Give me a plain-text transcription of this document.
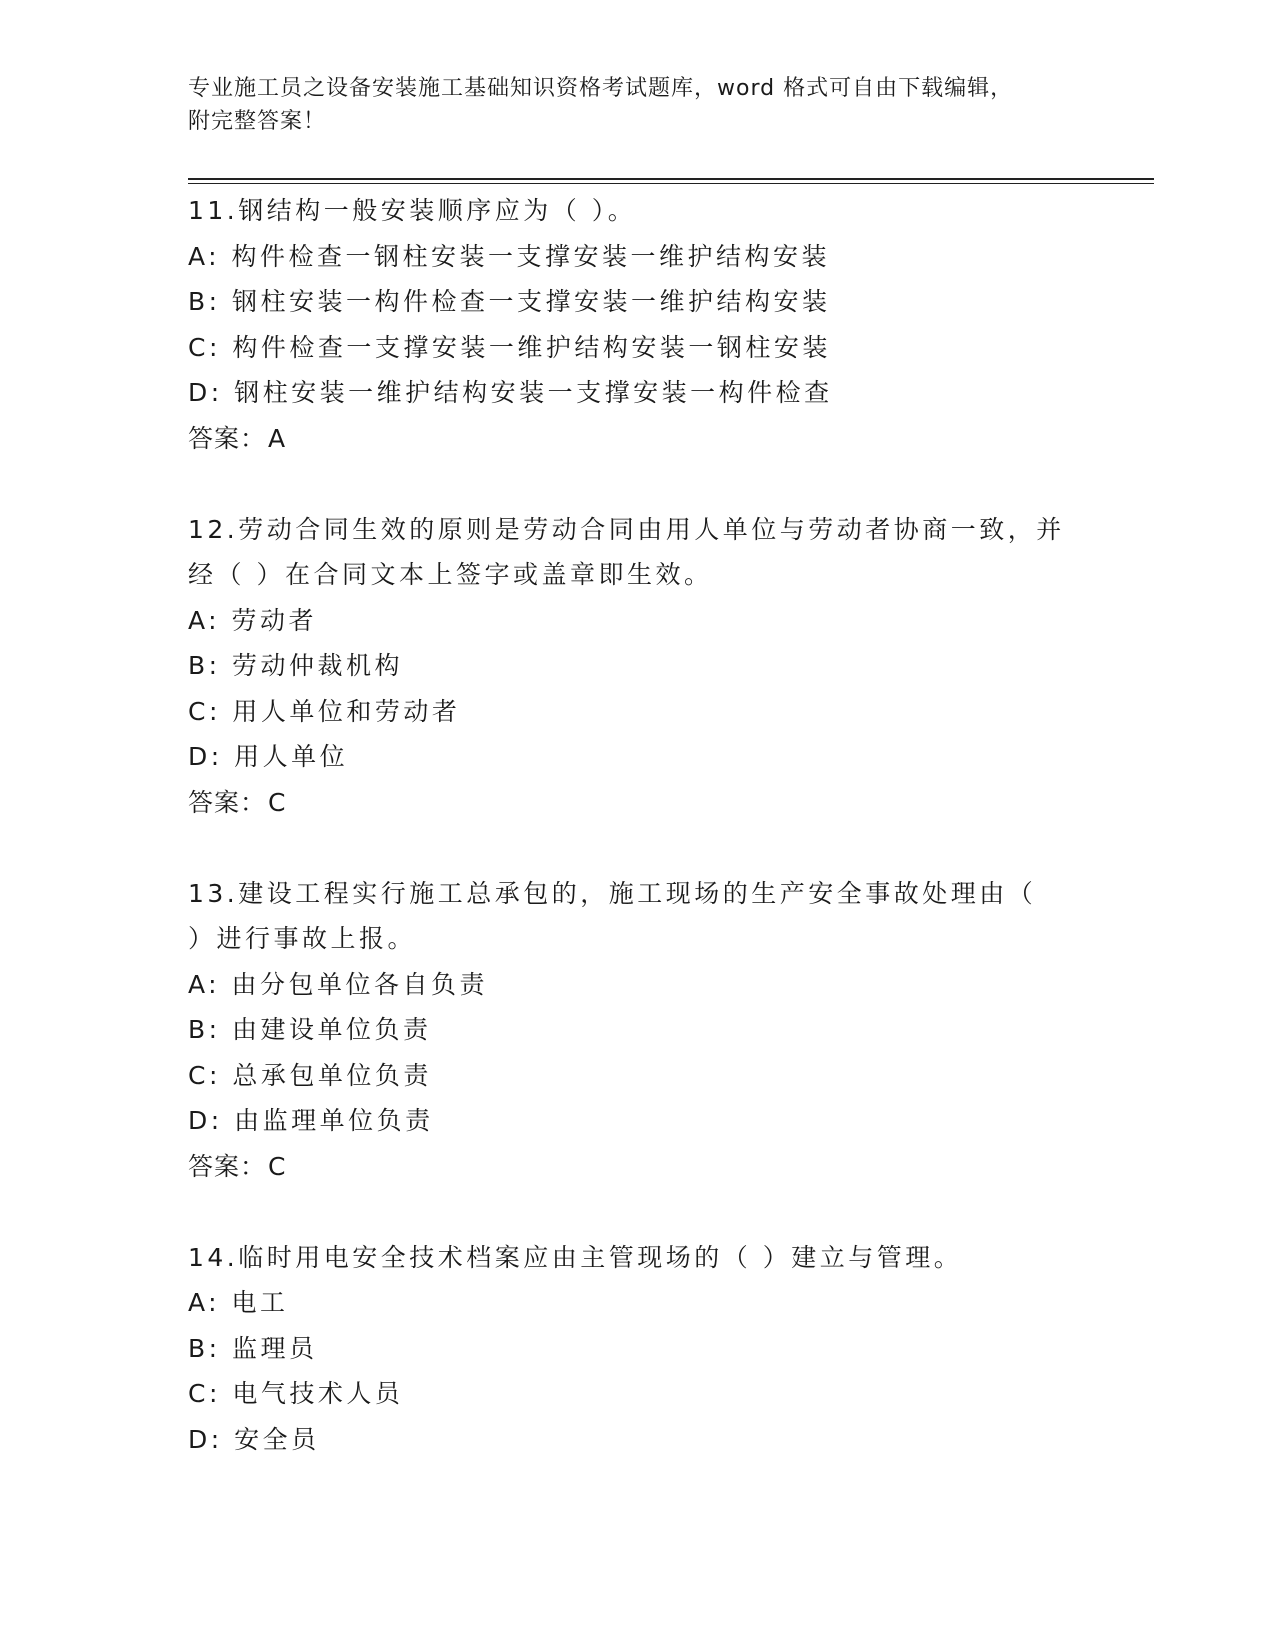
专业施工员之设备安装施工基础知识资格考试题库，word 格式可自由下载编辑，
附完整答案！

11.钢结构一般安装顺序应为（ ）。

A: 构件检查一钢柱安装一支撑安装一维护结构安装

B: 钢柱安装一构件检查一支撑安装一维护结构安装

C: 构件检查一支撑安装一维护结构安装一钢柱安装

D: 钢柱安装一维护结构安装一支撑安装一构件检查

答案：A

12.劳动合同生效的原则是劳动合同由用人单位与劳动者协商一致，并

经（ ）在合同文本上签字或盖章即生效。

A: 劳动者

B: 劳动仲裁机构

C: 用人单位和劳动者

D: 用人单位

答案：C

13.建设工程实行施工总承包的，施工现场的生产安全事故处理由（

）进行事故上报。

A: 由分包单位各自负责

B: 由建设单位负责

C: 总承包单位负责

D: 由监理单位负责

答案：C

14.临时用电安全技术档案应由主管现场的（ ）建立与管理。

A: 电工

B: 监理员

C: 电气技术人员

D: 安全员
